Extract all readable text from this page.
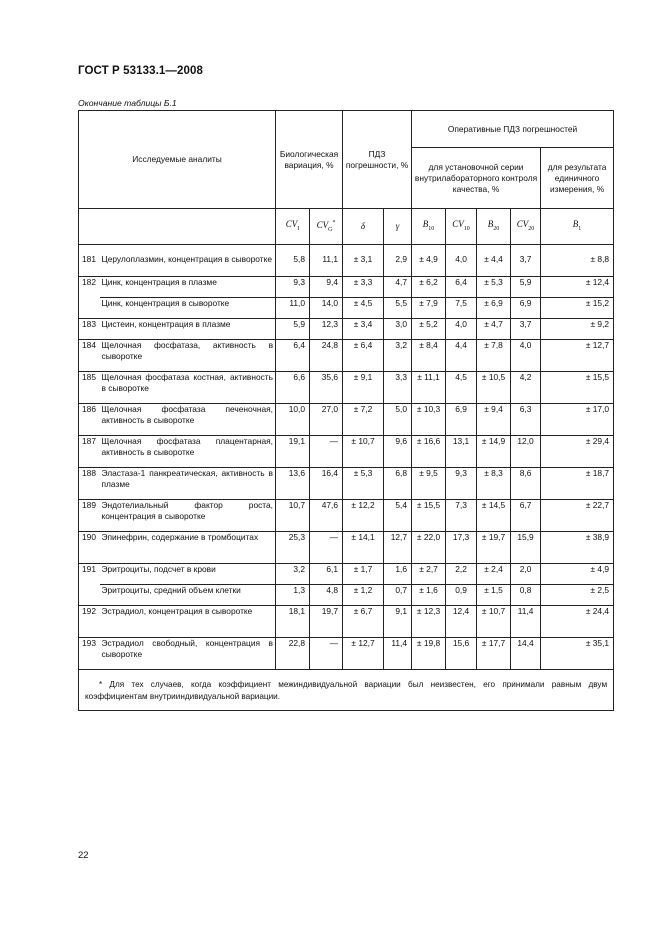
ГОСТ Р 53133.1—2008
Окончание таблицы Б.1
Исследуемые аналиты		Биологическая вариация, %		ПДЗ погрешности, %		Оперативные ПДЗ погрешностей				
						для установочной серии внутрилабораторного контроля качества, %				для результата единичного измерения, %
		$CV_I$	$CV_G^*$	δ	γ	$B_{10}$	$CV_{10}$	$B_{20}$	$CV_{20}$	$B_1$
181	Церулоплазмин, концентрация в сыворотке	5,8	11,1	± 3,1	2,9	± 4,9	4,0	± 4,4	3,7	± 8,8
182	Цинк, концентрация в плазме	9,3	9,4	± 3,3	4,7	± 6,2	6,4	± 5,3	5,9	± 12,4
	Цинк, концентрация в сыворотке	11,0	14,0	± 4,5	5,5	± 7,9	7,5	± 6,9	6,9	± 15,2
183	Цистеин, концентрация в плазме	5,9	12,3	± 3,4	3,0	± 5,2	4,0	± 4,7	3,7	± 9,2
184	Щелочная фосфатаза, активность в сыворотке	6,4	24,8	± 6,4	3,2	± 8,4	4,4	± 7,8	4,0	± 12,7
185	Щелочная фосфатаза костная, активность в сыворотке	6,6	35,6	± 9,1	3,3	± 11,1	4,5	± 10,5	4,2	± 15,5
186	Щелочная фосфатаза печеночная, активность в сыворотке	10,0	27,0	± 7,2	5,0	± 10,3	6,9	± 9,4	6,3	± 17,0
187	Щелочная фосфатаза плацентарная, активность в сыворотке	19,1	—	± 10,7	9,6	± 16,6	13,1	± 14,9	12,0	± 29,4
188	Эластаза-1 панкреатическая, активность в плазме	13,6	16,4	± 5,3	6,8	± 9,5	9,3	± 8,3	8,6	± 18,7
189	Эндотелиальный фактор роста, концентрация в сыворотке	10,7	47,6	± 12,2	5,4	± 15,5	7,3	± 14,5	6,7	± 22,7
190	Эпинефрин, содержание в тромбоцитах	25,3	—	± 14,1	12,7	± 22,0	17,3	± 19,7	15,9	± 38,9
191	Эритроциты, подсчет в крови	3,2	6,1	± 1,7	1,6	± 2,7	2,2	± 2,4	2,0	± 4,9
	Эритроциты, средний объем клетки	1,3	4,8	± 1,2	0,7	± 1,6	0,9	± 1,5	0,8	± 2,5
192	Эстрадиол, концентрация в сыворотке	18,1	19,7	± 6,7	9,1	± 12,3	12,4	± 10,7	11,4	± 24,4
193	Эстрадиол свободный, концентрация в сыворотке	22,8	—	± 12,7	11,4	± 19,8	15,6	± 17,7	14,4	± 35,1
* Для тех случаев, когда коэффициент межиндивидуальной вариации был неизвестен, его принимали равным двум коэффициентам внутрииндивидуальной вариации.										
22
